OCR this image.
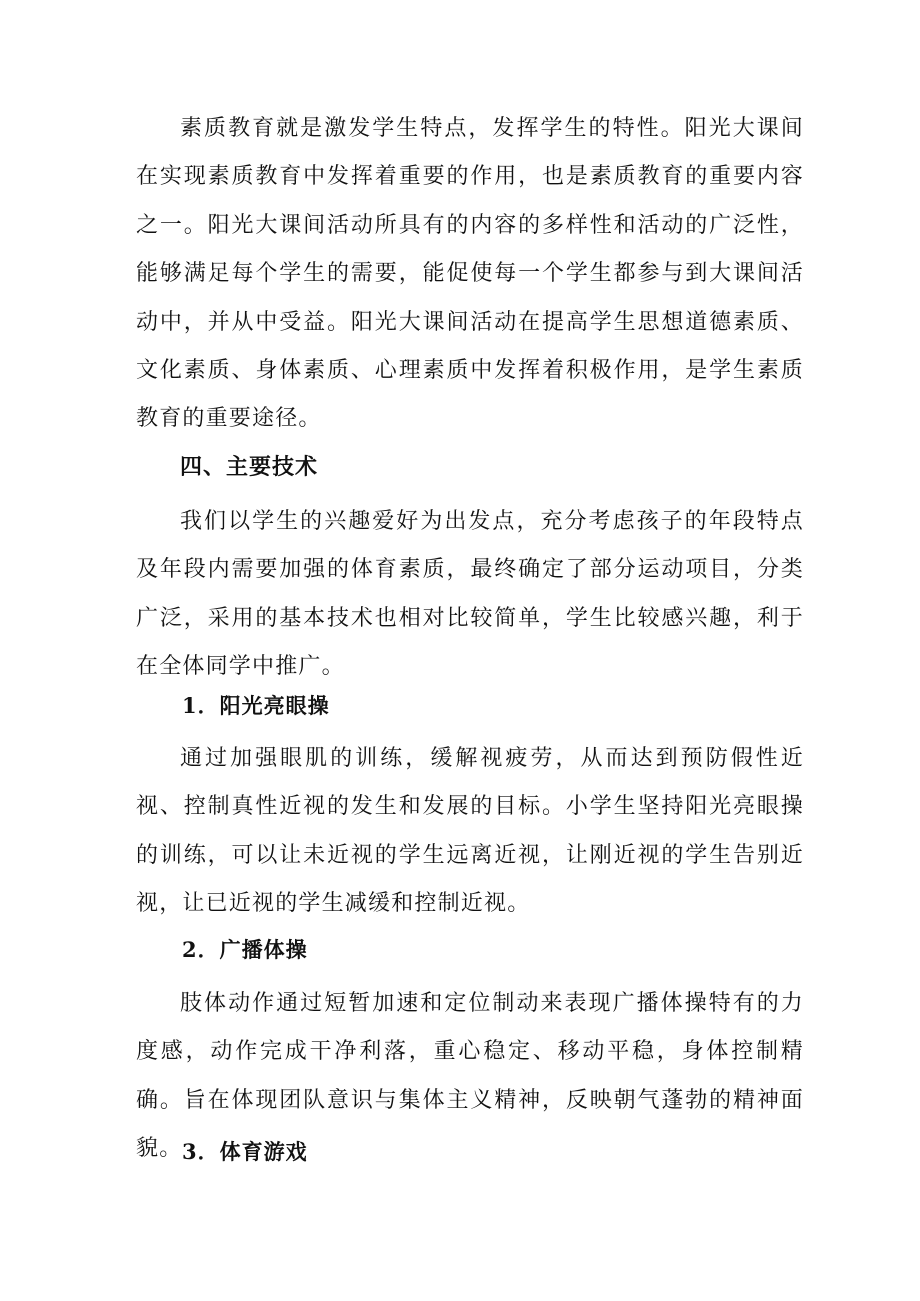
素质教育就是激发学生特点，发挥学生的特性。阳光大课间在实现素质教育中发挥着重要的作用，也是素质教育的重要内容之一。阳光大课间活动所具有的内容的多样性和活动的广泛性，能够满足每个学生的需要，能促使每一个学生都参与到大课间活动中，并从中受益。阳光大课间活动在提高学生思想道德素质、文化素质、身体素质、心理素质中发挥着积极作用，是学生素质教育的重要途径。

四、主要技术

我们以学生的兴趣爱好为出发点，充分考虑孩子的年段特点及年段内需要加强的体育素质，最终确定了部分运动项目，分类广泛，采用的基本技术也相对比较简单，学生比较感兴趣，利于在全体同学中推广。

1．阳光亮眼操

通过加强眼肌的训练，缓解视疲劳，从而达到预防假性近视、控制真性近视的发生和发展的目标。小学生坚持阳光亮眼操的训练，可以让未近视的学生远离近视，让刚近视的学生告别近视，让已近视的学生减缓和控制近视。

2．广播体操

肢体动作通过短暂加速和定位制动来表现广播体操特有的力度感，动作完成干净利落，重心稳定、移动平稳，身体控制精确。旨在体现团队意识与集体主义精神，反映朝气蓬勃的精神面貌。 3．体育游戏
